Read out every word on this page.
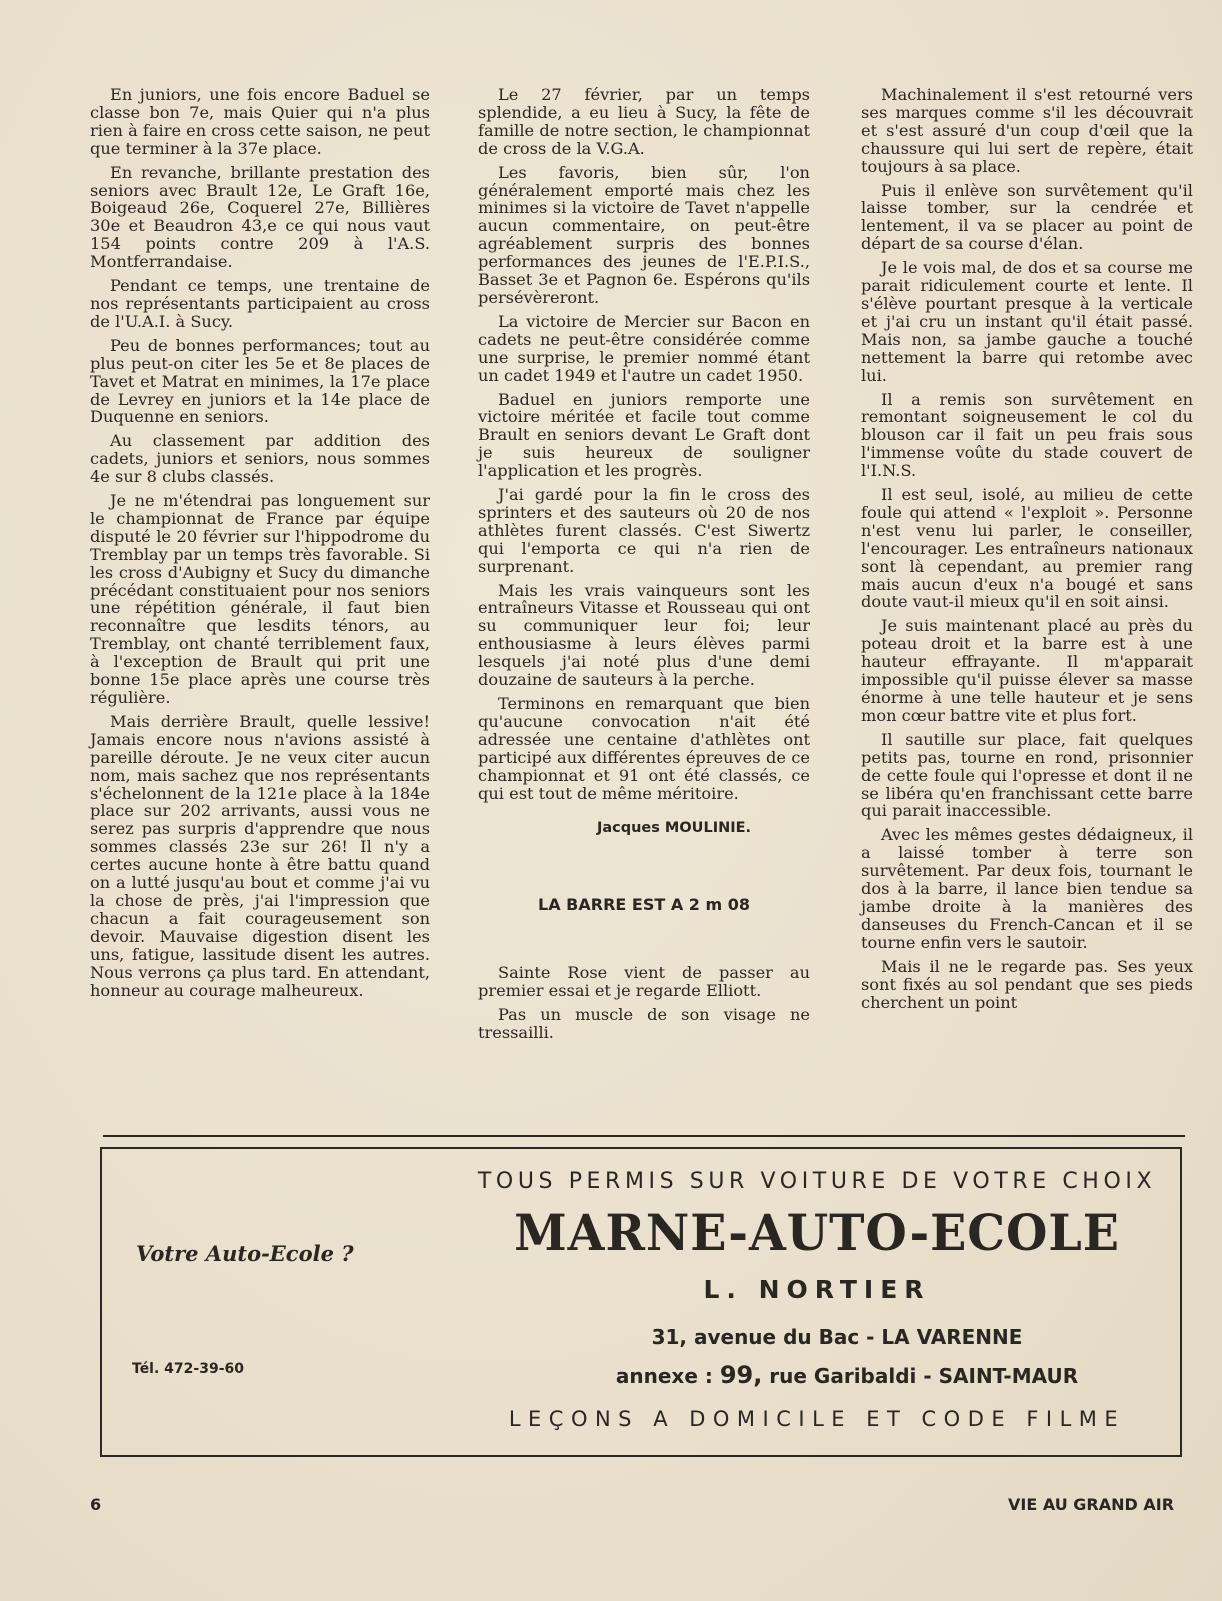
En juniors, une fois encore Baduel se classe bon 7e, mais Quier qui n'a plus rien à faire en cross cette saison, ne peut que terminer à la 37e place.

En revanche, brillante prestation des seniors avec Brault 12e, Le Graft 16e, Boigeaud 26e, Coquerel 27e, Billières 30e et Beaudron 43,e ce qui nous vaut 154 points contre 209 à l'A.S. Montferrandaise.

Pendant ce temps, une trentaine de nos représentants participaient au cross de l'U.A.I. à Sucy.

Peu de bonnes performances; tout au plus peut-on citer les 5e et 8e places de Tavet et Matrat en minimes, la 17e place de Levrey en juniors et la 14e place de Duquenne en seniors.

Au classement par addition des cadets, juniors et seniors, nous sommes 4e sur 8 clubs classés.

Je ne m'étendrai pas longuement sur le championnat de France par équipe disputé le 20 février sur l'hippodrome du Tremblay par un temps très favorable. Si les cross d'Aubigny et Sucy du dimanche précédant constituaient pour nos seniors une répétition générale, il faut bien reconnaître que lesdits ténors, au Tremblay, ont chanté terriblement faux, à l'exception de Brault qui prit une bonne 15e place après une course très régulière.

Mais derrière Brault, quelle lessive! Jamais encore nous n'avions assisté à pareille déroute. Je ne veux citer aucun nom, mais sachez que nos représentants s'échelonnent de la 121e place à la 184e place sur 202 arrivants, aussi vous ne serez pas surpris d'apprendre que nous sommes classés 23e sur 26! Il n'y a certes aucune honte à être battu quand on a lutté jusqu'au bout et comme j'ai vu la chose de près, j'ai l'impression que chacun a fait courageusement son devoir. Mauvaise digestion disent les uns, fatigue, lassitude disent les autres. Nous verrons ça plus tard. En attendant, honneur au courage malheureux.

Le 27 février, par un temps splendide, a eu lieu à Sucy, la fête de famille de notre section, le championnat de cross de la V.G.A.

Les favoris, bien sûr, l'on généralement emporté mais chez les minimes si la victoire de Tavet n'appelle aucun commentaire, on peut-être agréablement surpris des bonnes performances des jeunes de l'E.P.I.S., Basset 3e et Pagnon 6e. Espérons qu'ils persévèreront.

La victoire de Mercier sur Bacon en cadets ne peut-être considérée comme une surprise, le premier nommé étant un cadet 1949 et l'autre un cadet 1950.

Baduel en juniors remporte une victoire méritée et facile tout comme Brault en seniors devant Le Graft dont je suis heureux de souligner l'application et les progrès.

J'ai gardé pour la fin le cross des sprinters et des sauteurs où 20 de nos athlètes furent classés. C'est Siwertz qui l'emporta ce qui n'a rien de surprenant.

Mais les vrais vainqueurs sont les entraîneurs Vitasse et Rousseau qui ont su communiquer leur foi; leur enthousiasme à leurs élèves parmi lesquels j'ai noté plus d'une demi douzaine de sauteurs à la perche.

Terminons en remarquant que bien qu'aucune convocation n'ait été adressée une centaine d'athlètes ont participé aux différentes épreuves de ce championnat et 91 ont été classés, ce qui est tout de même méritoire.

Jacques MOULINIE.
LA BARRE EST A 2 m 08

Sainte Rose vient de passer au premier essai et je regarde Elliott.

Pas un muscle de son visage ne tressailli.

Machinalement il s'est retourné vers ses marques comme s'il les découvrait et s'est assuré d'un coup d'œil que la chaussure qui lui sert de repère, était toujours à sa place.

Puis il enlève son survêtement qu'il laisse tomber, sur la cendrée et lentement, il va se placer au point de départ de sa course d'élan.

Je le vois mal, de dos et sa course me parait ridiculement courte et lente. Il s'élève pourtant presque à la verticale et j'ai cru un instant qu'il était passé. Mais non, sa jambe gauche a touché nettement la barre qui retombe avec lui.

Il a remis son survêtement en remontant soigneusement le col du blouson car il fait un peu frais sous l'immense voûte du stade couvert de l'I.N.S.

Il est seul, isolé, au milieu de cette foule qui attend « l'exploit ». Personne n'est venu lui parler, le conseiller, l'encourager. Les entraîneurs nationaux sont là cependant, au premier rang mais aucun d'eux n'a bougé et sans doute vaut-il mieux qu'il en soit ainsi.

Je suis maintenant placé au près du poteau droit et la barre est à une hauteur effrayante. Il m'apparait impossible qu'il puisse élever sa masse énorme à une telle hauteur et je sens mon cœur battre vite et plus fort.

Il sautille sur place, fait quelques petits pas, tourne en rond, prisonnier de cette foule qui l'opresse et dont il ne se libéra qu'en franchissant cette barre qui parait inaccessible.

Avec les mêmes gestes dédaigneux, il a laissé tomber à terre son survêtement. Par deux fois, tournant le dos à la barre, il lance bien tendue sa jambe droite à la manières des danseuses du French-Cancan et il se tourne enfin vers le sautoir.

Mais il ne le regarde pas. Ses yeux sont fixés au sol pendant que ses pieds cherchent un point

Votre Auto-Ecole ?
Tél. 472-39-60
TOUS PERMIS SUR VOITURE DE VOTRE CHOIX
MARNE-AUTO-ECOLE
L. NORTIER
31, avenue du Bac - LA VARENNE
annexe : 99, rue Garibaldi - SAINT-MAUR
LEÇONS A DOMICILE ET CODE FILME
6	VIE AU GRAND AIR
